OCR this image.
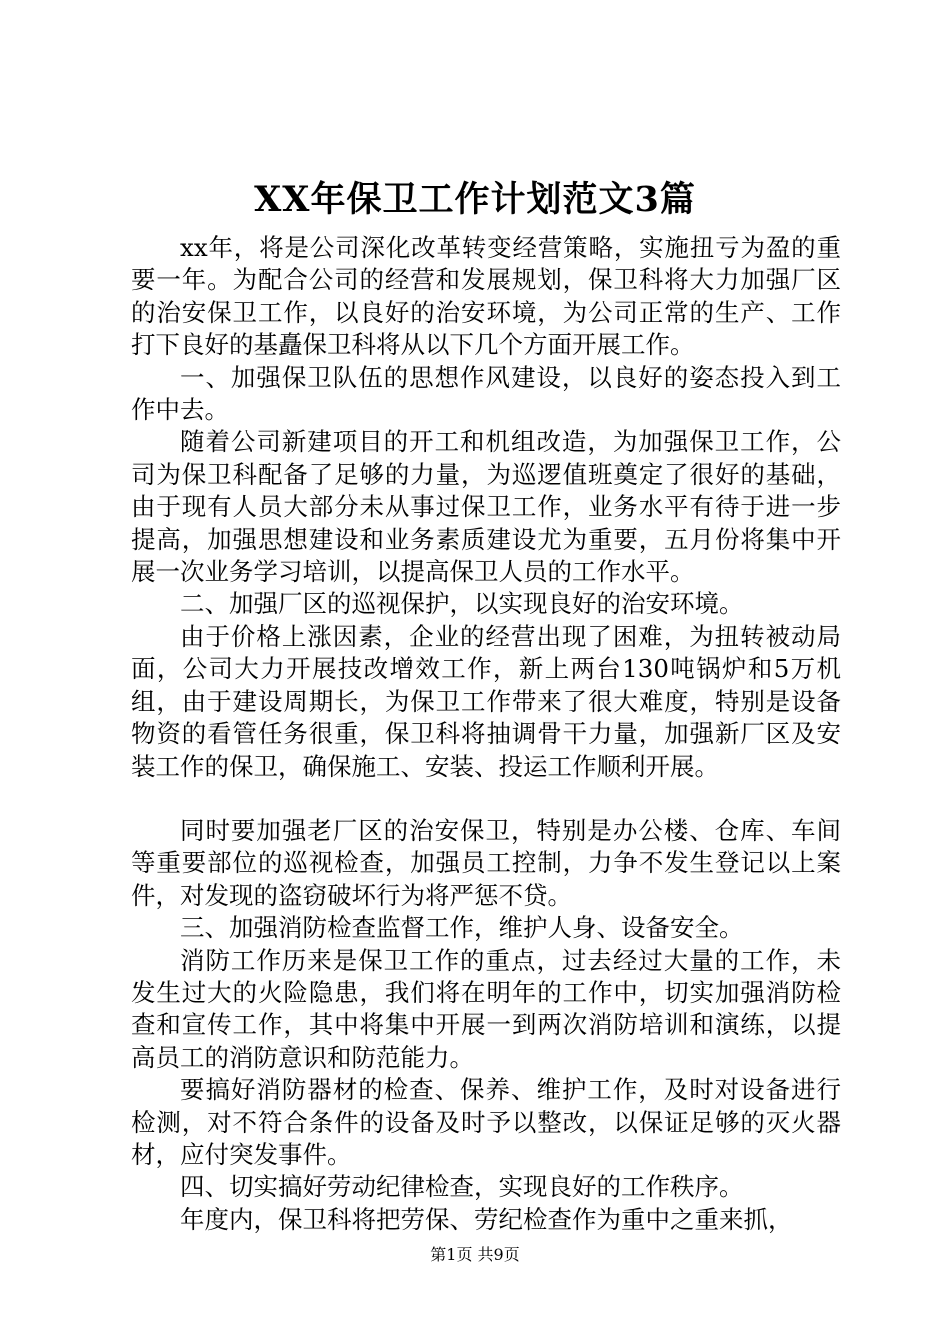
XX年保卫工作计划范文3篇

xx年，将是公司深化改革转变经营策略，实施扭亏为盈的重要一年。为配合公司的经营和发展规划，保卫科将大力加强厂区的治安保卫工作，以良好的治安环境，为公司正常的生产、工作打下良好的基矗保卫科将从以下几个方面开展工作。

一、加强保卫队伍的思想作风建设，以良好的姿态投入到工作中去。

随着公司新建项目的开工和机组改造，为加强保卫工作，公司为保卫科配备了足够的力量，为巡逻值班奠定了很好的基础，由于现有人员大部分未从事过保卫工作，业务水平有待于进一步提高，加强思想建设和业务素质建设尤为重要，五月份将集中开展一次业务学习培训，以提高保卫人员的工作水平。

二、加强厂区的巡视保护，以实现良好的治安环境。

由于价格上涨因素，企业的经营出现了困难，为扭转被动局面，公司大力开展技改增效工作，新上两台130吨锅炉和5万机组，由于建设周期长，为保卫工作带来了很大难度，特别是设备物资的看管任务很重，保卫科将抽调骨干力量，加强新厂区及安装工作的保卫，确保施工、安装、投运工作顺利开展。

同时要加强老厂区的治安保卫，特别是办公楼、仓库、车间等重要部位的巡视检查，加强员工控制，力争不发生登记以上案件，对发现的盗窃破坏行为将严惩不贷。

三、加强消防检查监督工作，维护人身、设备安全。

消防工作历来是保卫工作的重点，过去经过大量的工作，未发生过大的火险隐患，我们将在明年的工作中，切实加强消防检查和宣传工作，其中将集中开展一到两次消防培训和演练，以提高员工的消防意识和防范能力。

要搞好消防器材的检查、保养、维护工作，及时对设备进行检测，对不符合条件的设备及时予以整改，以保证足够的灭火器材，应付突发事件。

四、切实搞好劳动纪律检查，实现良好的工作秩序。

年度内，保卫科将把劳保、劳纪检查作为重中之重来抓，

第1页 共9页
